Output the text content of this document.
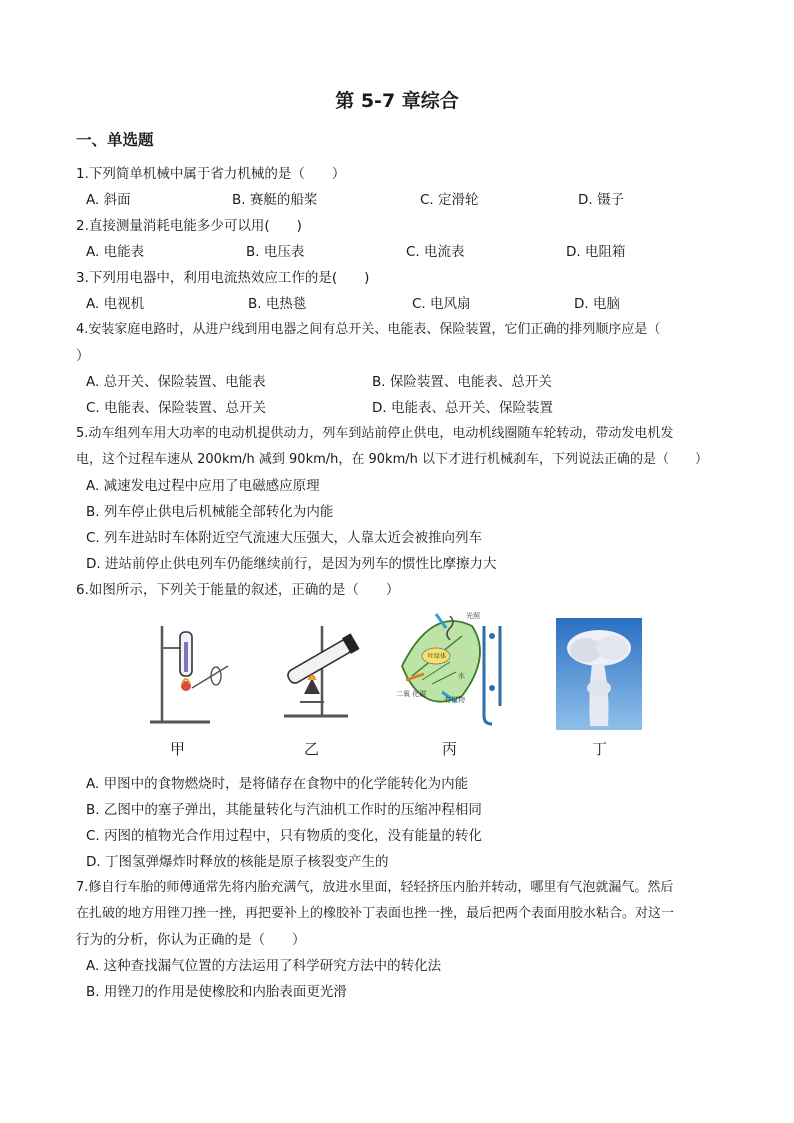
第 5-7 章综合
一、单选题
1.下列简单机械中属于省力机械的是（　　）
A. 斜面	B. 赛艇的船桨	C. 定滑轮	D. 镊子
2.直接测量消耗电能多少可以用(　　)
A. 电能表	B. 电压表	C. 电流表	D. 电阻箱
3.下列用电器中，利用电流热效应工作的是(　　)
A. 电视机	B. 电热毯	C. 电风扇	D. 电脑
4.安装家庭电路时，从进户线到用电器之间有总开关、电能表、保险装置，它们正确的排列顺序应是（
）
A. 总开关、保险装置、电能表	B. 保险装置、电能表、总开关
C. 电能表、保险装置、总开关	D. 电能表、总开关、保险装置
5.动车组列车用大功率的电动机提供动力，列车到站前停止供电，电动机线圈随车轮转动，带动发电机发
电，这个过程车速从 200km/h 减到 90km/h，在 90km/h 以下才进行机械刹车，下列说法正确的是（　　）
A. 减速发电过程中应用了电磁感应原理
B. 列车停止供电后机械能全部转化为内能
C. 列车进站时车体附近空气流速大压强大，人靠太近会被推向列车
D. 进站前停止供电列车仍能继续前行，是因为列车的惯性比摩擦力大
6.如图所示，下列关于能量的叙述，正确的是（　　）
甲	乙
光照
二氧 化碳
水
有机物
叶绿体
丙	丁
A. 甲图中的食物燃烧时，是将储存在食物中的化学能转化为内能
B. 乙图中的塞子弹出，其能量转化与汽油机工作时的压缩冲程相同
C. 丙图的植物光合作用过程中，只有物质的变化，没有能量的转化
D. 丁图氢弹爆炸时释放的核能是原子核裂变产生的
7.修自行车胎的师傅通常先将内胎充满气，放进水里面，轻轻挤压内胎并转动，哪里有气泡就漏气。然后
在扎破的地方用锉刀挫一挫，再把要补上的橡胶补丁表面也挫一挫，最后把两个表面用胶水粘合。对这一
行为的分析，你认为正确的是（　　）
A. 这种查找漏气位置的方法运用了科学研究方法中的转化法
B. 用锉刀的作用是使橡胶和内胎表面更光滑
